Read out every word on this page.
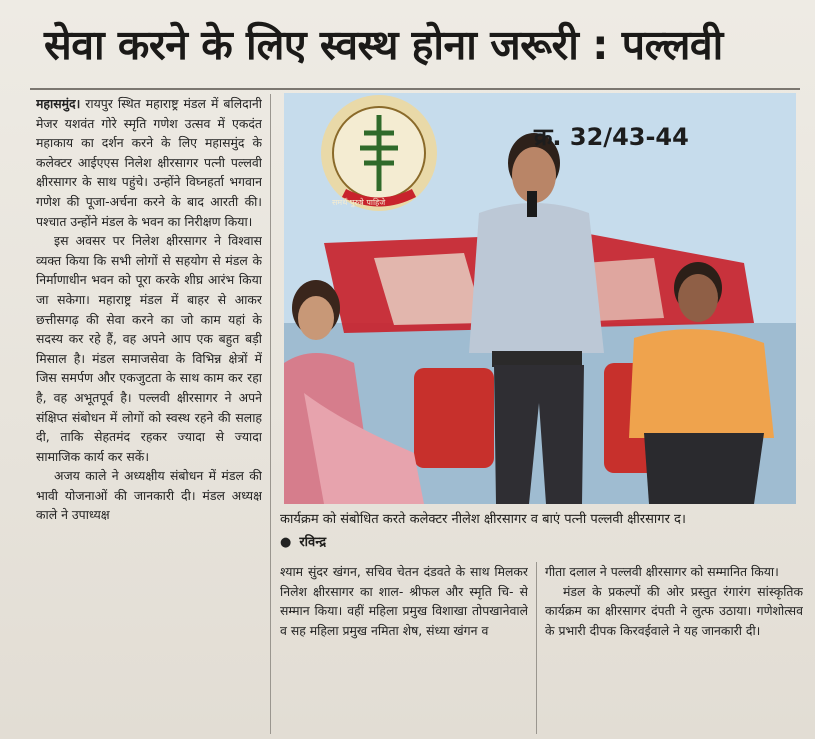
सेवा करने के लिए स्वस्थ होना जरूरी : पल्लवी

महासमुंद। रायपुर स्थित महाराष्ट्र मंडल में बलिदानी मेजर यशवंत गोरे स्मृति गणेश उत्सव में एकदंत महाकाय का दर्शन करने के लिए महासमुंद के कलेक्टर आईएएस निलेश क्षीरसागर पत्नी पल्लवी क्षीरसागर के साथ पहुंचे। उन्होंने विघ्नहर्ता भगवान गणेश की पूजा-अर्चना करने के बाद आरती की। पश्चात उन्होंने मंडल के भवन का निरीक्षण किया।

इस अवसर पर निलेश क्षीरसागर ने विश्वास व्यक्त किया कि सभी लोगों से सहयोग से मंडल के निर्माणाधीन भवन को पूरा करके शीघ्र आरंभ किया जा सकेगा। महाराष्ट्र मंडल में बाहर से आकर छत्तीसगढ़ की सेवा करने का जो काम यहां के सदस्य कर रहे हैं, वह अपने आप एक बहुत बड़ी मिसाल है। मंडल समाजसेवा के विभिन्न क्षेत्रों में जिस समर्पण और एकजुटता के साथ काम कर रहा है, वह अभूतपूर्व है। पल्लवी क्षीरसागर ने अपने संक्षिप्त संबोधन में लोगों को स्वस्थ रहने की सलाह दी, ताकि सेहतमंद रहकर ज्यादा से ज्यादा सामाजिक कार्य कर सकें।

अजय काले ने अध्यक्षीय संबोधन में मंडल की भावी योजनाओं की जानकारी दी। मंडल अध्यक्ष काले ने उपाध्यक्ष

क्र. 32/43-44
समर्थ पुरुषे पाहिजे
कार्यक्रम को संबोधित करते कलेक्टर नीलेश क्षीरसागर व बाएं पत्नी पल्लवी क्षीरसागर द।
● रविन्द्र

श्याम सुंदर खंगन, सचिव चेतन दंडवते के साथ मिलकर निलेश क्षीरसागर का शाल- श्रीफल और स्मृति चि- से सम्मान किया। वहीं महिला प्रमुख विशाखा तोपखानेवाले व सह महिला प्रमुख नमिता शेष, संध्या खंगन व

गीता दलाल ने पल्लवी क्षीरसागर को सम्मानित किया।

मंडल के प्रकल्पों की ओर प्रस्तुत रंगारंग सांस्कृतिक कार्यक्रम का क्षीरसागर दंपती ने लुत्फ उठाया। गणेशोत्सव के प्रभारी दीपक किरवईवाले ने यह जानकारी दी।
